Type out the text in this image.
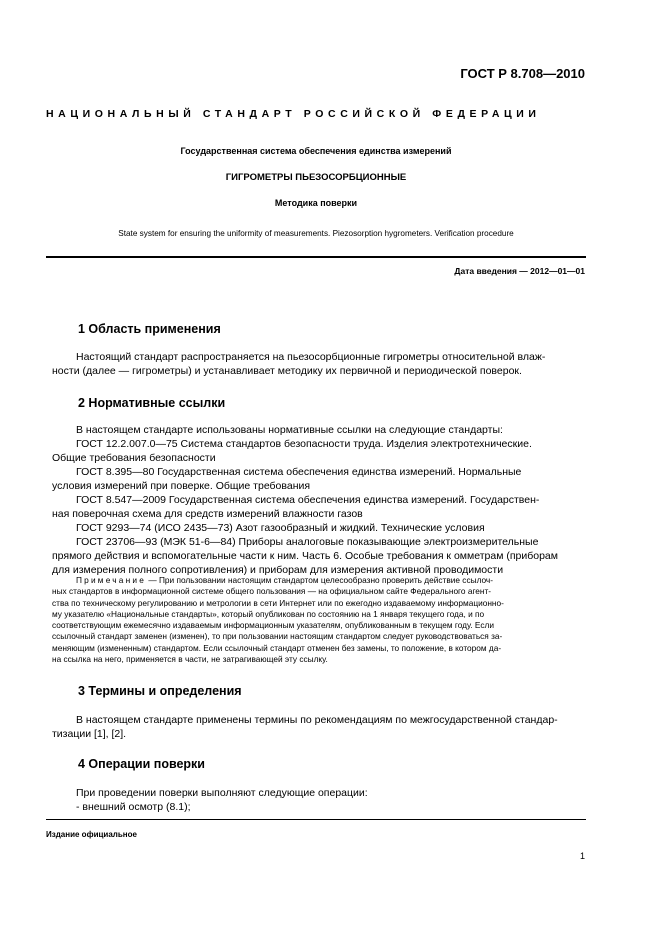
ГОСТ Р 8.708—2010
НАЦИОНАЛЬНЫЙ СТАНДАРТ РОССИЙСКОЙ ФЕДЕРАЦИИ
Государственная система обеспечения единства измерений
ГИГРОМЕТРЫ ПЬЕЗОСОРБЦИОННЫЕ
Методика поверки
State system for ensuring the uniformity of measurements. Piezosorption hygrometers. Verification procedure
Дата введения — 2012—01—01
1 Область применения
Настоящий стандарт распространяется на пьезосорбционные гигрометры относительной влаж-
ности (далее — гигрометры) и устанавливает методику их первичной и периодической поверок.
2 Нормативные ссылки
В настоящем стандарте использованы нормативные ссылки на следующие стандарты:
ГОСТ 12.2.007.0—75 Система стандартов безопасности труда. Изделия электротехнические.
Общие требования безопасности
ГОСТ 8.395—80 Государственная система обеспечения единства измерений. Нормальные
условия измерений при поверке. Общие требования
ГОСТ 8.547—2009 Государственная система обеспечения единства измерений. Государствен-
ная поверочная схема для средств измерений влажности газов
ГОСТ 9293—74 (ИСО 2435—73) Азот газообразный и жидкий. Технические условия
ГОСТ 23706—93 (МЭК 51-6—84) Приборы аналоговые показывающие электроизмерительные
прямого действия и вспомогательные части к ним. Часть 6. Особые требования к омметрам (приборам
для измерения полного сопротивления) и приборам для измерения активной проводимости
Примечание — При пользовании настоящим стандартом целесообразно проверить действие ссылоч-
ных стандартов в информационной системе общего пользования — на официальном сайте Федерального агент-
ства по техническому регулированию и метрологии в сети Интернет или по ежегодно издаваемому информационно-
му указателю «Национальные стандарты», который опубликован по состоянию на 1 января текущего года, и по
соответствующим ежемесячно издаваемым информационным указателям, опубликованным в текущем году. Если
ссылочный стандарт заменен (изменен), то при пользовании настоящим стандартом следует руководствоваться за-
меняющим (измененным) стандартом. Если ссылочный стандарт отменен без замены, то положение, в котором да-
на ссылка на него, применяется в части, не затрагивающей эту ссылку.
3 Термины и определения
В настоящем стандарте применены термины по рекомендациям по межгосударственной стандар-
тизации [1], [2].
4 Операции поверки
При проведении поверки выполняют следующие операции:
- внешний осмотр (8.1);
Издание официальное
1
